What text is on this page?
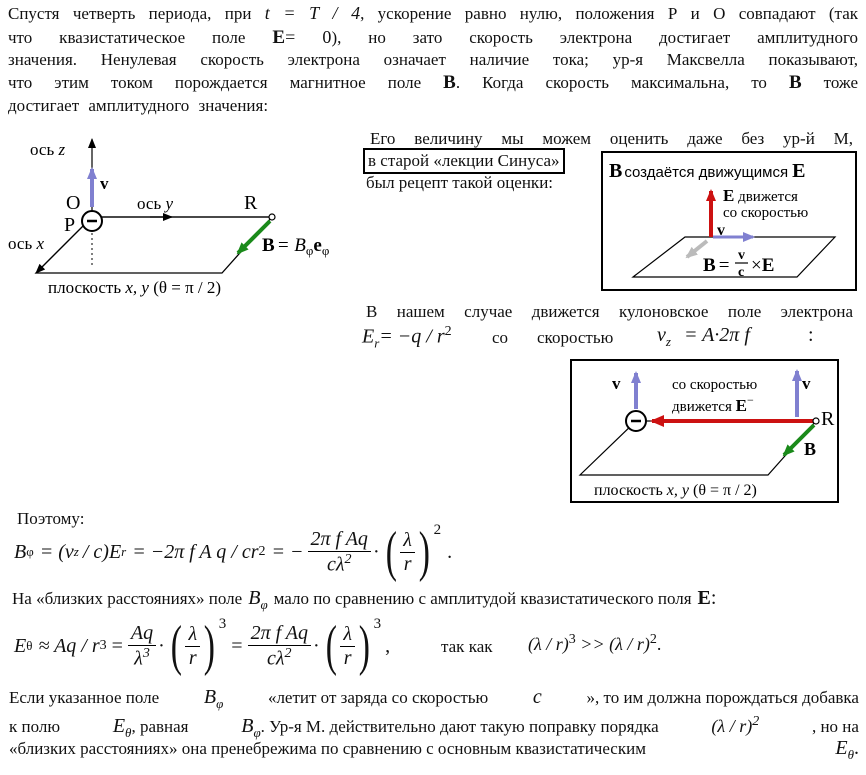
Спустя четверть периода, при t = T / 4, ускорение равно нулю, положения Р и О совпадают (так
что квазистатическое поле E= 0), но зато скорость электрона достигает амплитудного
значения. Ненулевая скорость электрона означает наличие тока; ур-я Максвелла показывают,
что этим током порождается магнитное поле B. Когда скорость максимальна, то B тоже
достигает амплитудного значения:
ось z
v
O
P
ось y	R
ось x	$B = B_\varphi e_\varphi$
плоскость x, y (θ = π / 2)
Его величину мы можем оценить даже без ур-й М,
в старой «лекции Синуса»
был рецепт такой оценки:
B создаётся движущимся E
E движется
со скоростью
v
B = v
c ×E
В нашем случае движется кулоновское поле электрона
$E_r= -q / r^2$ со скоростью $v_z = A\cdot 2\pi$ f	:
v	v
со скоростью
движется E−
R
B
плоскость x, y (θ = π / 2)
Поэтому:
B φ = (v z / c)E r = −2π f A q / cr 2 = − $\frac{\text{2π f Aq}}{c\lambda^2}$ · ( $\frac{\lambda}{r}$ ) 2
.
На «близких расстояниях» поле $B_\varphi$ мало по сравнению с амплитудой квазистатического поля E:
E θ ≈ Aq / r $3 = \frac{Aq}{\lambda^3}$ · ( $\frac{\lambda}{r}$ ) 3
= $\frac{\text{2π f Aq}}{c\lambda^2}$ · ( $\frac{\lambda}{r}$ ) 3
,	так как (λ / r)$^3$ >> (λ / r)$^2$.
Если указанное поле $B_\varphi$	«летит от заряда со скоростью c	», то им должна порождаться добавка
к полю	$E_\theta$, равная	$B_\varphi$. Ур-я М. действительно дают такую поправку порядка	(λ / r)$^2$	, но на
«близких расстояниях» она пренебрежима по сравнению с основным квазистатическим	$E_\theta$.
